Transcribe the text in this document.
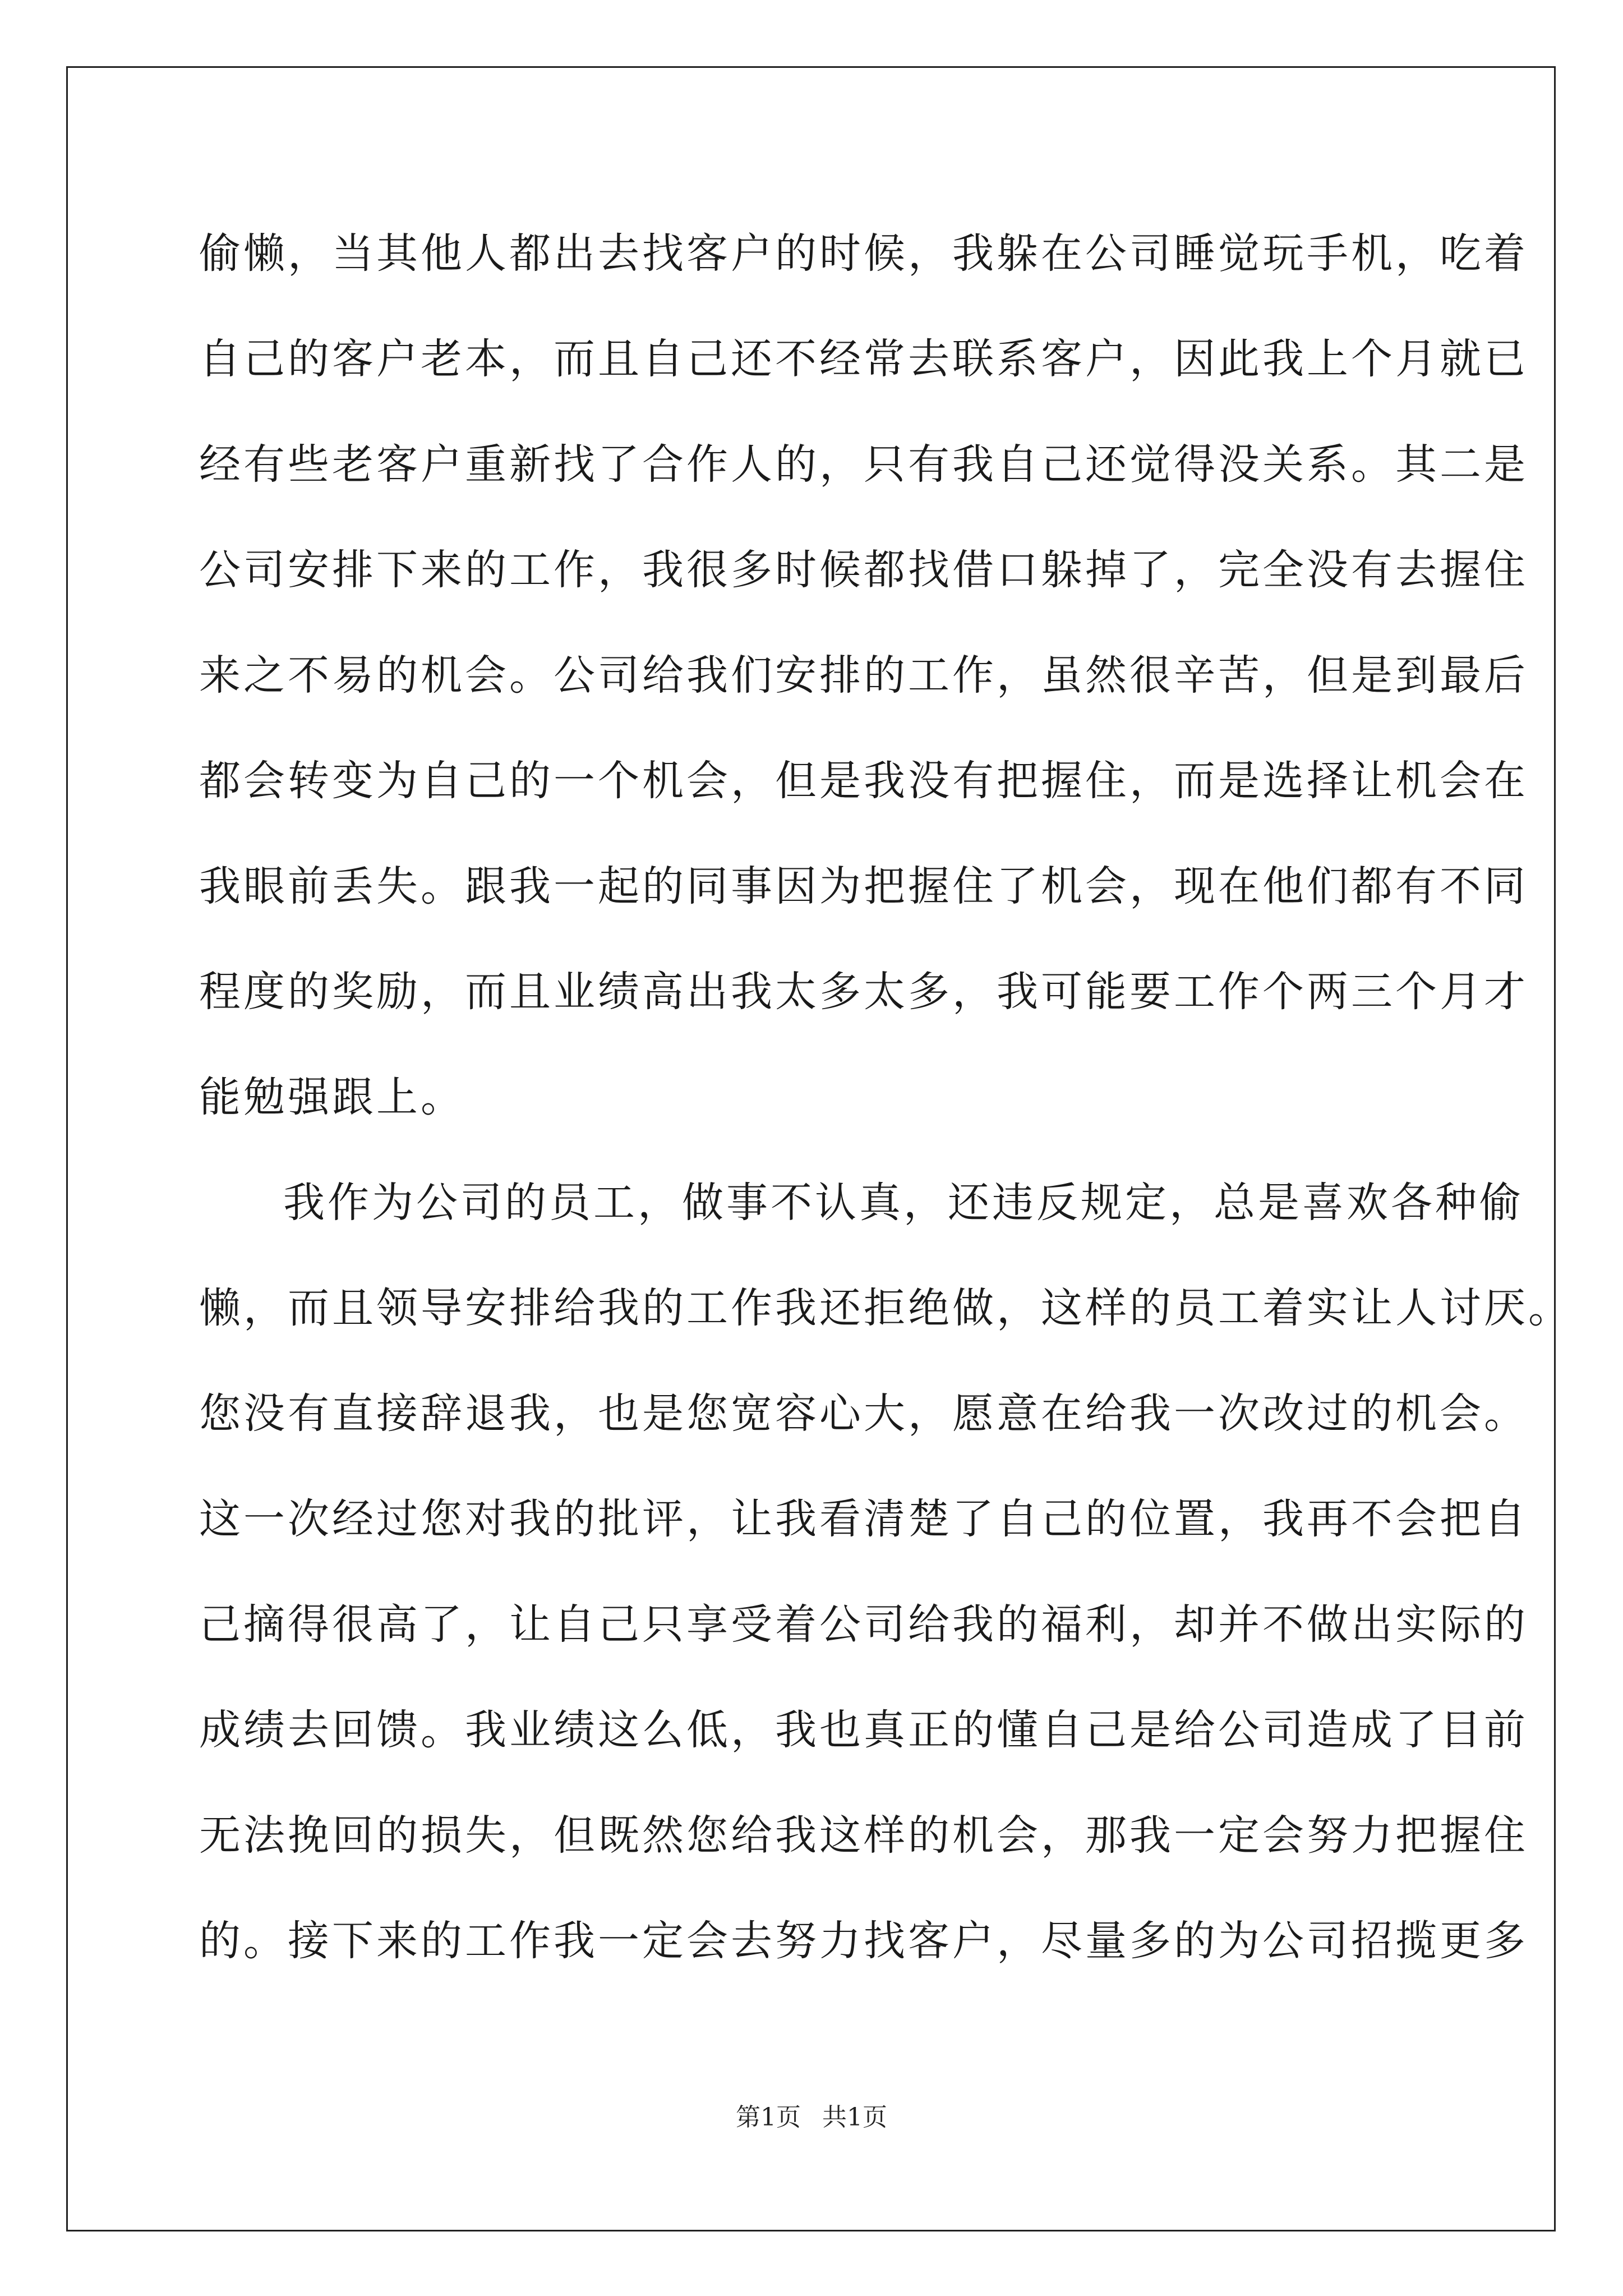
偷懒，当其他人都出去找客户的时候，我躲在公司睡觉玩手机，吃着
自己的客户老本，而且自己还不经常去联系客户，因此我上个月就已
经有些老客户重新找了合作人的，只有我自己还觉得没关系。其二是
公司安排下来的工作，我很多时候都找借口躲掉了，完全没有去握住
来之不易的机会。公司给我们安排的工作，虽然很辛苦，但是到最后
都会转变为自己的一个机会，但是我没有把握住，而是选择让机会在
我眼前丢失。跟我一起的同事因为把握住了机会，现在他们都有不同
程度的奖励，而且业绩高出我太多太多，我可能要工作个两三个月才
能勉强跟上。
我作为公司的员工，做事不认真，还违反规定，总是喜欢各种偷
懒，而且领导安排给我的工作我还拒绝做，这样的员工着实让人讨厌。
您没有直接辞退我，也是您宽容心大，愿意在给我一次改过的机会。
这一次经过您对我的批评，让我看清楚了自己的位置，我再不会把自
己摘得很高了，让自己只享受着公司给我的福利，却并不做出实际的
成绩去回馈。我业绩这么低，我也真正的懂自己是给公司造成了目前
无法挽回的损失，但既然您给我这样的机会，那我一定会努力把握住
的。接下来的工作我一定会去努力找客户，尽量多的为公司招揽更多
第1页 共1页
